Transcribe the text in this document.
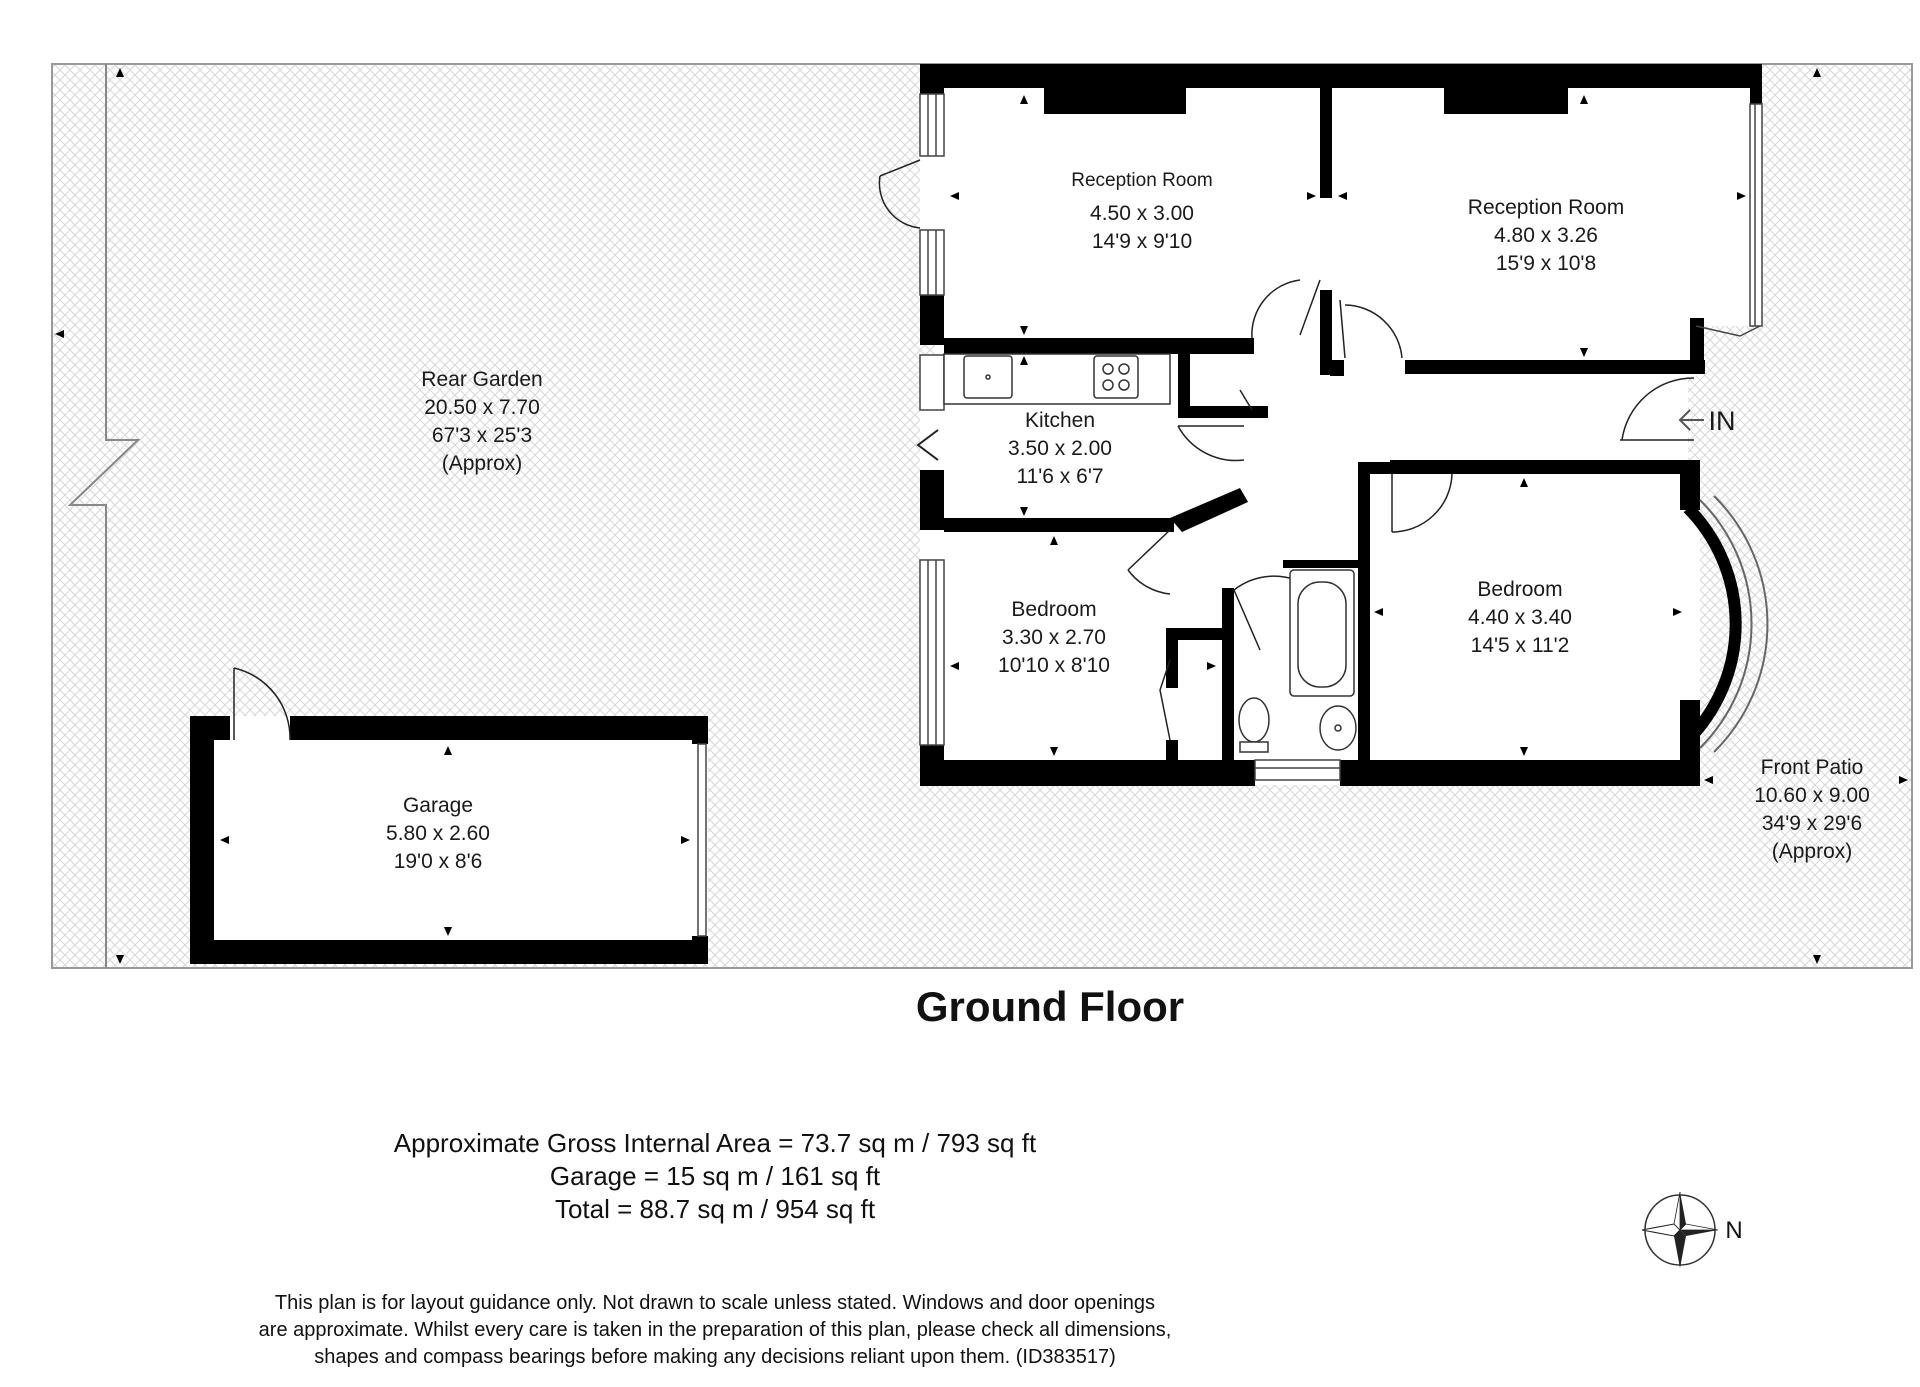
Reception Room
4.50 x 3.00
14'9 x 9'10
Reception Room
4.80 x 3.26
15'9 x 10'8
Kitchen
3.50 x 2.00
11'6 x 6'7
Bedroom
3.30 x 2.70
10'10 x 8'10
Bedroom
4.40 x 3.40
14'5 x 11'2
Garage
5.80 x 2.60
19'0 x 8'6
Rear Garden
20.50 x 7.70
67'3 x 25'3
(Approx)
Front Patio
10.60 x 9.00
34'9 x 29'6
(Approx)
IN
Ground Floor
Approximate Gross Internal Area = 73.7 sq m / 793 sq ft
Garage = 15 sq m / 161 sq ft
Total = 88.7 sq m / 954 sq ft
N
This plan is for layout guidance only. Not drawn to scale unless stated. Windows and door openings
are approximate. Whilst every care is taken in the preparation of this plan, please check all dimensions,
shapes and compass bearings before making any decisions reliant upon them. (ID383517)
